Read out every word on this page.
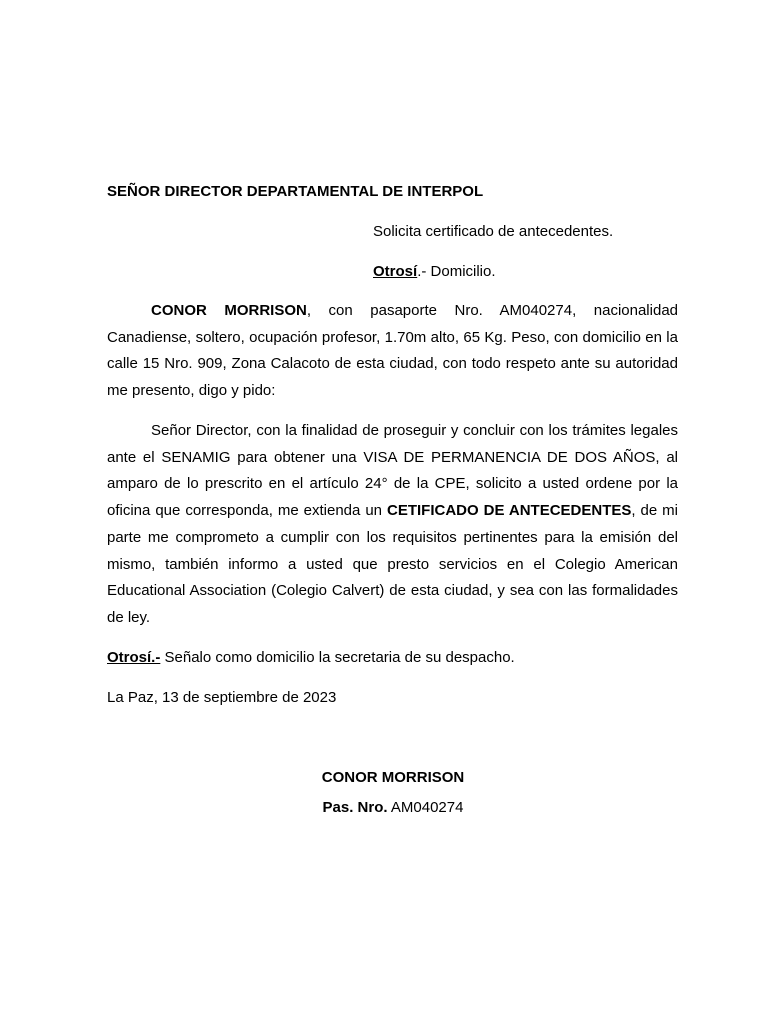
SEÑOR DIRECTOR DEPARTAMENTAL DE INTERPOL
Solicita certificado de antecedentes.
Otrosí.- Domicilio.
CONOR MORRISON, con pasaporte Nro. AM040274, nacionalidad Canadiense, soltero, ocupación profesor, 1.70m alto, 65 Kg. Peso, con domicilio en la calle 15 Nro. 909, Zona Calacoto de esta ciudad, con todo respeto ante su autoridad me presento, digo y pido:
Señor Director, con la finalidad de proseguir y concluir con los trámites legales ante el SENAMIG para obtener una VISA DE PERMANENCIA DE DOS AÑOS, al amparo de lo prescrito en el artículo 24° de la CPE, solicito a usted ordene por la oficina que corresponda, me extienda un CETIFICADO DE ANTECEDENTES, de mi parte me comprometo a cumplir con los requisitos pertinentes para la emisión del mismo, también informo a usted que presto servicios en el Colegio American Educational Association (Colegio Calvert) de esta ciudad, y sea con las formalidades de ley.
Otrosí.- Señalo como domicilio la secretaria de su despacho.
La Paz, 13 de septiembre de 2023
CONOR MORRISON
Pas. Nro. AM040274
